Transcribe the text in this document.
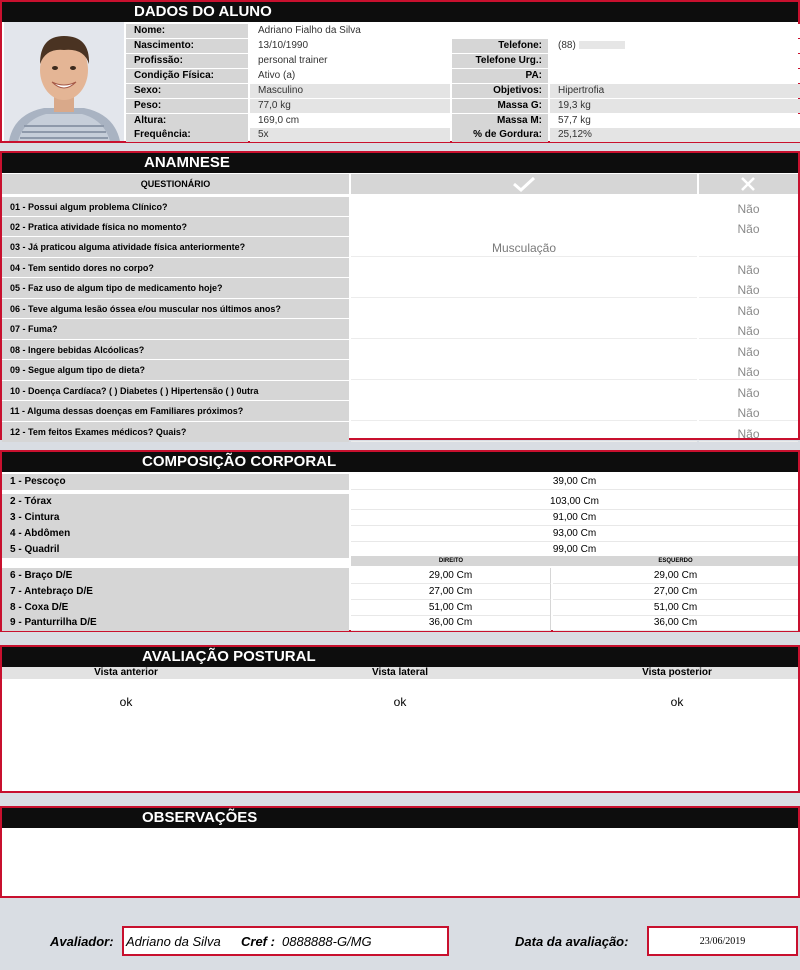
DADOS DO ALUNO
Nome:	Adriano Fialho da Silva
Nascimento:	13/10/1990	Telefone:	(88)
Profissão:	personal trainer	Telefone Urg.:
Condição Física:	Ativo (a)	PA:
Sexo:	Masculino	Objetivos:	Hipertrofia
Peso:	77,0 kg	Massa G:	19,3 kg
Altura:	169,0 cm	Massa M:	57,7 kg
Frequência:	5x	% de Gordura:	25,12%
ANAMNESE
QUESTIONÁRIO
01 - Possui algum problema Clínico?	Não
02 - Pratica atividade física no momento?	Não
03 - Já praticou alguma atividade física anteriormente?	Musculação
04 - Tem sentido dores no corpo?	Não
05 - Faz uso de algum tipo de medicamento hoje?	Não
06 - Teve alguma lesão óssea e/ou muscular nos últimos anos?	Não
07 - Fuma?	Não
08 - Ingere bebidas Alcóolicas?	Não
09 - Segue algum tipo de dieta?	Não
10 - Doença Cardíaca? ( ) Diabetes ( ) Hipertensão ( ) 0utra	Não
11 - Alguma dessas doenças em Familiares próximos?	Não
12 - Tem feitos Exames médicos? Quais?	Não
COMPOSIÇÃO CORPORAL
1 - Pescoço	39,00 Cm
2 - Tórax	103,00 Cm
3 - Cintura	91,00 Cm
4 - Abdômen	93,00 Cm
5 - Quadril	99,00 Cm
DIREITO	ESQUERDO
6 - Braço D/E	29,00 Cm	29,00 Cm
7 - Antebraço D/E	27,00 Cm	27,00 Cm
8 - Coxa D/E	51,00 Cm	51,00 Cm
9 - Panturrilha D/E	36,00 Cm	36,00 Cm
AVALIAÇÃO POSTURAL
Vista anterior	Vista lateral	Vista posterior
ok	ok	ok
OBSERVAÇÕES
Avaliador: Adriano da Silva Cref : 0888888-G/MG	Data da avaliação:	23/06/2019
